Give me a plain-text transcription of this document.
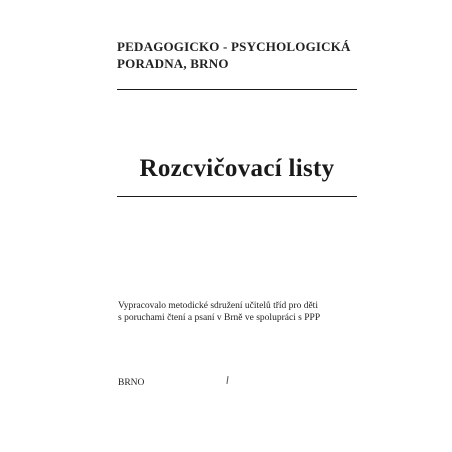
PEDAGOGICKO - PSYCHOLOGICKÁ
PORADNA, BRNO
Rozcvičovací listy
Vypracovalo metodické sdružení učitelů tříd pro děti
s poruchami čtení a psaní v Brně ve spolupráci s PPP
BRNO
